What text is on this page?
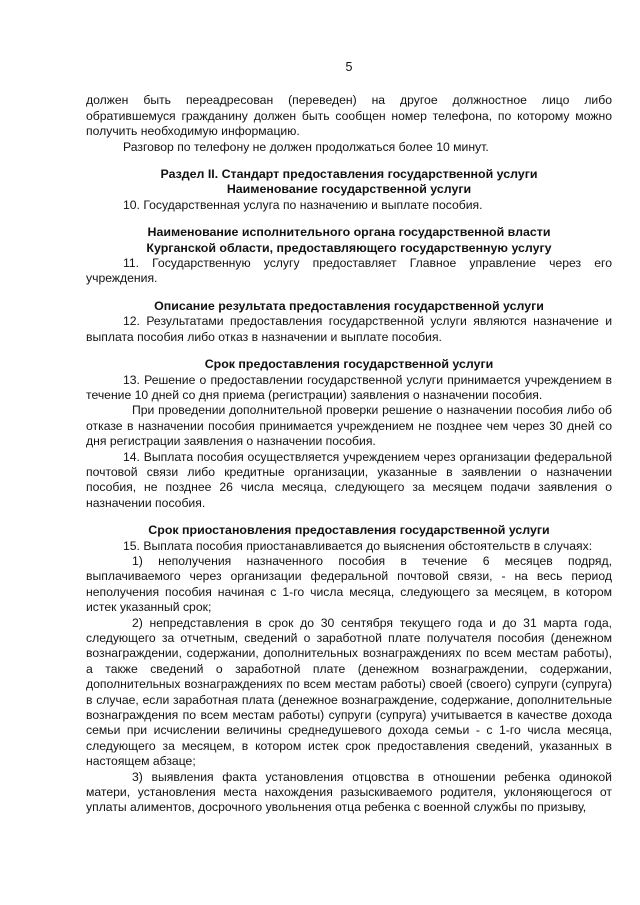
5

должен быть переадресован (переведен) на другое должностное лицо либо обратившемуся гражданину должен быть сообщен номер телефона, по которому можно получить необходимую информацию.

Разговор по телефону не должен продолжаться более 10 минут.

Раздел II. Стандарт предоставления государственной услуги
Наименование государственной услуги

10. Государственная услуга по назначению и выплате пособия.

Наименование исполнительного органа государственной власти
Курганской области, предоставляющего государственную услугу

11. Государственную услугу предоставляет Главное управление через его учреждения.

Описание результата предоставления государственной услуги

12. Результатами предоставления государственной услуги являются назначение и выплата пособия либо отказ в назначении и выплате пособия.

Срок предоставления государственной услуги

13. Решение о предоставлении государственной услуги принимается учреждением в течение 10 дней со дня приема (регистрации) заявления о назначении пособия.

При проведении дополнительной проверки решение о назначении пособия либо об отказе в назначении пособия принимается учреждением не позднее чем через 30 дней со дня регистрации заявления о назначении пособия.

14. Выплата пособия осуществляется учреждением через организации федеральной почтовой связи либо кредитные организации, указанные в заявлении о назначении пособия, не позднее 26 числа месяца, следующего за месяцем подачи заявления о назначении пособия.

Срок приостановления предоставления государственной услуги

15. Выплата пособия приостанавливается до выяснения обстоятельств в случаях:

1) неполучения назначенного пособия в течение 6 месяцев подряд, выплачиваемого через организации федеральной почтовой связи, - на весь период неполучения пособия начиная с 1-го числа месяца, следующего за месяцем, в котором истек указанный срок;

2) непредставления в срок до 30 сентября текущего года и до 31 марта года, следующего за отчетным, сведений о заработной плате получателя пособия (денежном вознаграждении, содержании, дополнительных вознаграждениях по всем местам работы), а также сведений о заработной плате (денежном вознаграждении, содержании, дополнительных вознаграждениях по всем местам работы) своей (своего) супруги (супруга) в случае, если заработная плата (денежное вознаграждение, содержание, дополнительные вознаграждения по всем местам работы) супруги (супруга) учитывается в качестве дохода семьи при исчислении величины среднедушевого дохода семьи - с 1-го числа месяца, следующего за месяцем, в котором истек срок предоставления сведений, указанных в настоящем абзаце;

3) выявления факта установления отцовства в отношении ребенка одинокой матери, установления места нахождения разыскиваемого родителя, уклоняющегося от уплаты алиментов, досрочного увольнения отца ребенка с военной службы по призыву,
